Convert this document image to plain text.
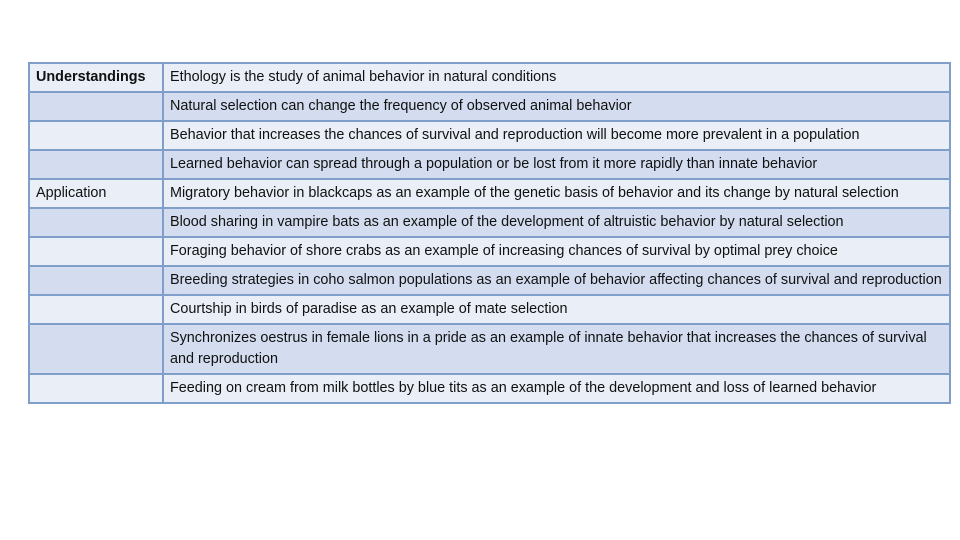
Understandings	Ethology is the study of animal behavior in natural conditions
	Natural selection can change the frequency of observed animal behavior
	Behavior that increases the chances of survival and reproduction will become more prevalent in a population
	Learned behavior can spread through a population or be lost from it more rapidly than innate behavior
Application	Migratory behavior in blackcaps as an example of the genetic basis of behavior and its change by natural selection
	Blood sharing in vampire bats as an example of the development of altruistic behavior by natural selection
	Foraging behavior of shore crabs as an example of increasing chances of survival by optimal prey choice
	Breeding strategies in coho salmon populations as an example of behavior affecting chances of survival and reproduction
	Courtship in birds of paradise as an example of mate selection
	Synchronizes oestrus in female lions in a pride as an example of innate behavior that increases the chances of survival and reproduction
	Feeding on cream from milk bottles by blue tits as an example of the development and loss of learned behavior
